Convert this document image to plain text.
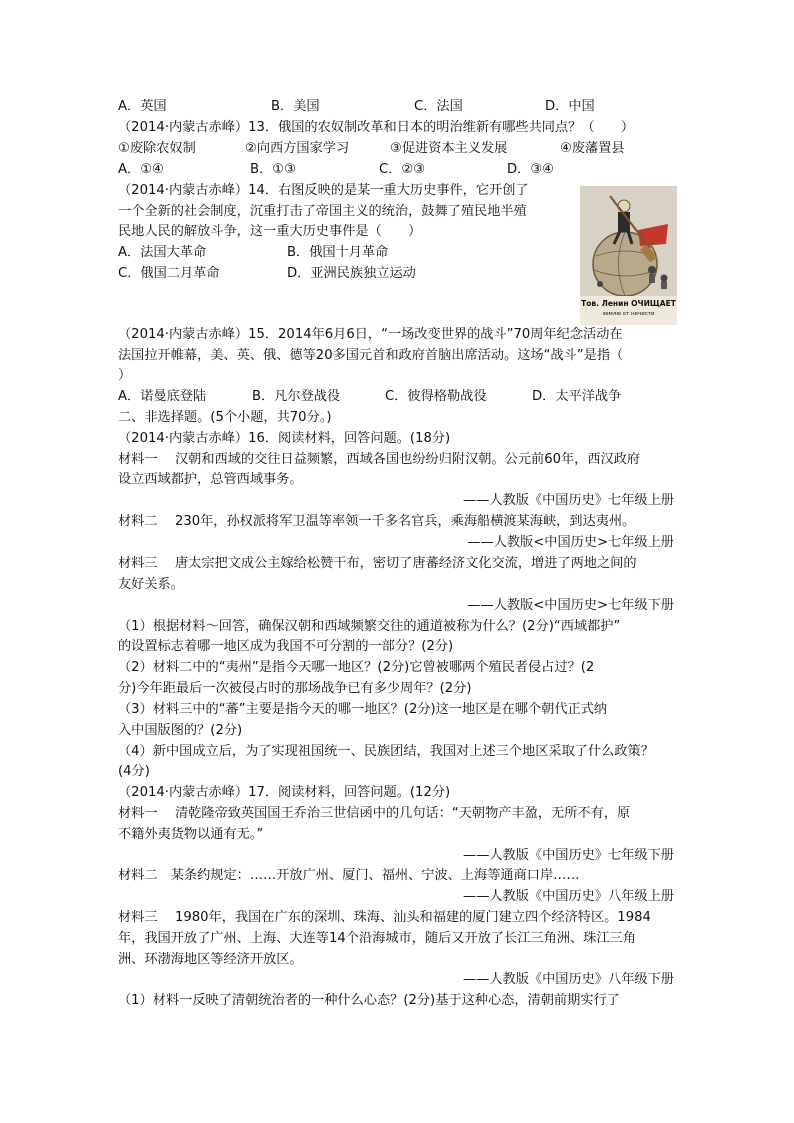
A．英国	B．美国	C．法国	D．中国
（2014·内蒙古赤峰）13．俄国的农奴制改革和日本的明治维新有哪些共同点？（　　）
①废除农奴制	②向西方国家学习	③促进资本主义发展	④废藩置县
A．①④	B．①③	C．②③	D．③④
（2014·内蒙古赤峰）14．右图反映的是某一重大历史事件，它开创了
一个全新的社会制度，沉重打击了帝国主义的统治，鼓舞了殖民地半殖
民地人民的解放斗争，这一重大历史事件是（　　）
A．法国大革命	B．俄国十月革命
C．俄国二月革命	D．亚洲民族独立运动
Тов. Ленин ОЧИЩАЕТ
землю от нечисти
（2014·内蒙古赤峰）15．2014年6月6日，“一场改变世界的战斗”70周年纪念活动在
法国拉开帷幕，美、英、俄、德等20多国元首和政府首脑出席活动。这场“战斗”是指（
）
A．诺曼底登陆	B．凡尔登战役	C．彼得格勒战役	D．太平洋战争
二、非选择题。(5个小题，共70分。)
（2014·内蒙古赤峰）16．阅读材料，回答问题。(18分)
材料一　 汉朝和西域的交往日益频繁，西域各国也纷纷归附汉朝。公元前60年，西汉政府
设立西域都护，总管西域事务。
——人教版《中国历史》七年级上册
材料二　 230年，孙权派将军卫温等率领一千多名官兵，乘海船横渡某海峡，到达夷州。
——人教版<中国历史>七年级上册
材料三　 唐太宗把文成公主嫁给松赞干布，密切了唐蕃经济文化交流，增进了两地之间的
友好关系。
——人教版<中国历史>七年级下册
（1）根据材料～回答，确保汉朝和西域频繁交往的通道被称为什么？(2分)“西域都护”
的设置标志着哪一地区成为我国不可分割的一部分？(2分)
（2）材料二中的“夷州”是指今天哪一地区？(2分)它曾被哪两个殖民者侵占过？(2
分)今年距最后一次被侵占时的那场战争已有多少周年？(2分)
（3）材料三中的“蕃”主要是指今天的哪一地区？(2分)这一地区是在哪个朝代正式纳
入中国版图的？(2分)
（4）新中国成立后，为了实现祖国统一、民族团结，我国对上述三个地区采取了什么政策？
(4分)
（2014·内蒙古赤峰）17．阅读材料，回答问题。(12分)
材料一　 清乾隆帝致英国国王乔治三世信函中的几句话：“天朝物产丰盈，无所不有，原
不籍外夷货物以通有无。”
——人教版《中国历史》七年级下册
材料二　某条约规定：……开放广州、厦门、福州、宁波、上海等通商口岸……
——人教版《中国历史》八年级上册
材料三　 1980年，我国在广东的深圳、珠海、汕头和福建的厦门建立四个经济特区。1984
年，我国开放了广州、上海、大连等14个沿海城市，随后又开放了长江三角洲、珠江三角
洲、环渤海地区等经济开放区。
——人教版《中国历史》八年级下册
（1）材料一反映了清朝统治者的一种什么心态？(2分)基于这种心态，清朝前期实行了
